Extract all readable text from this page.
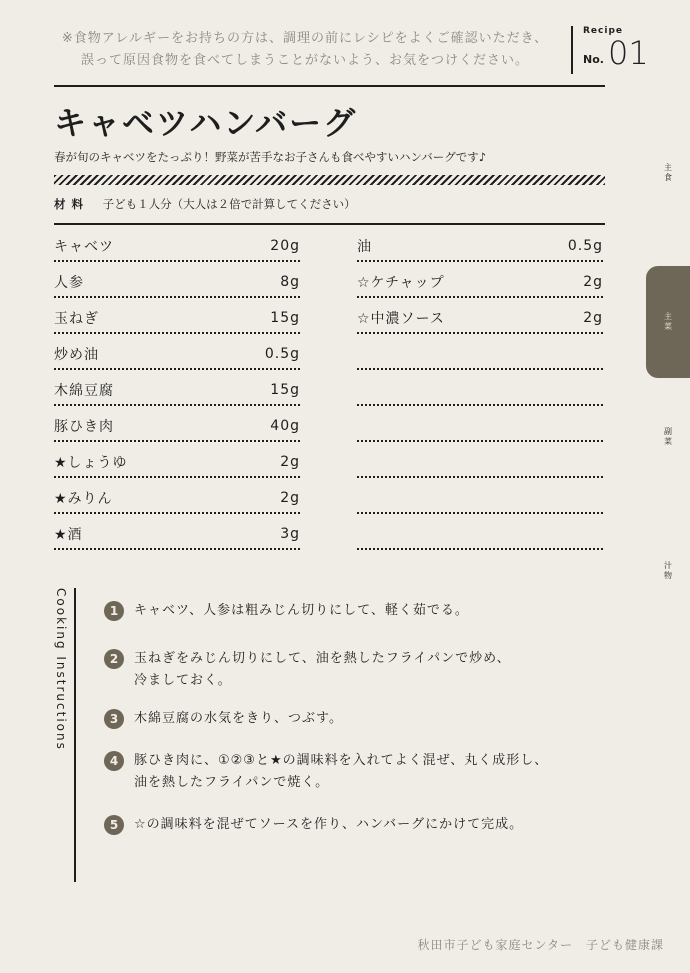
※食物アレルギーをお持ちの方は、調理の前にレシピをよくご確認いただき、
誤って原因食物を食べてしまうことがないよう、お気をつけください。
Recipe
No. 01
キャベツハンバーグ
春が旬のキャベツをたっぷり！野菜が苦手なお子さんも食べやすいハンバーグです♪
材料 子ども１人分（大人は２倍で計算してください）
キャベツ	20g
人参	8g
玉ねぎ	15g
炒め油	0.5g
木綿豆腐	15g
豚ひき肉	40g
★しょうゆ	2g
★みりん	2g
★酒	3g
油	0.5g
☆ケチャップ	2g
☆中濃ソース	2g
主食
主菜
副菜
汁物
Cooking Instructions	1	キャベツ、人参は粗みじん切りにして、軽く茹でる。
2	玉ねぎをみじん切りにして、油を熱したフライパンで炒め、
冷ましておく。
3	木綿豆腐の水気をきり、つぶす。
4	豚ひき肉に、①②③と★の調味料を入れてよく混ぜ、丸く成形し、
油を熱したフライパンで焼く。
5	☆の調味料を混ぜてソースを作り、ハンバーグにかけて完成。
秋田市子ども家庭センター　子ども健康課
